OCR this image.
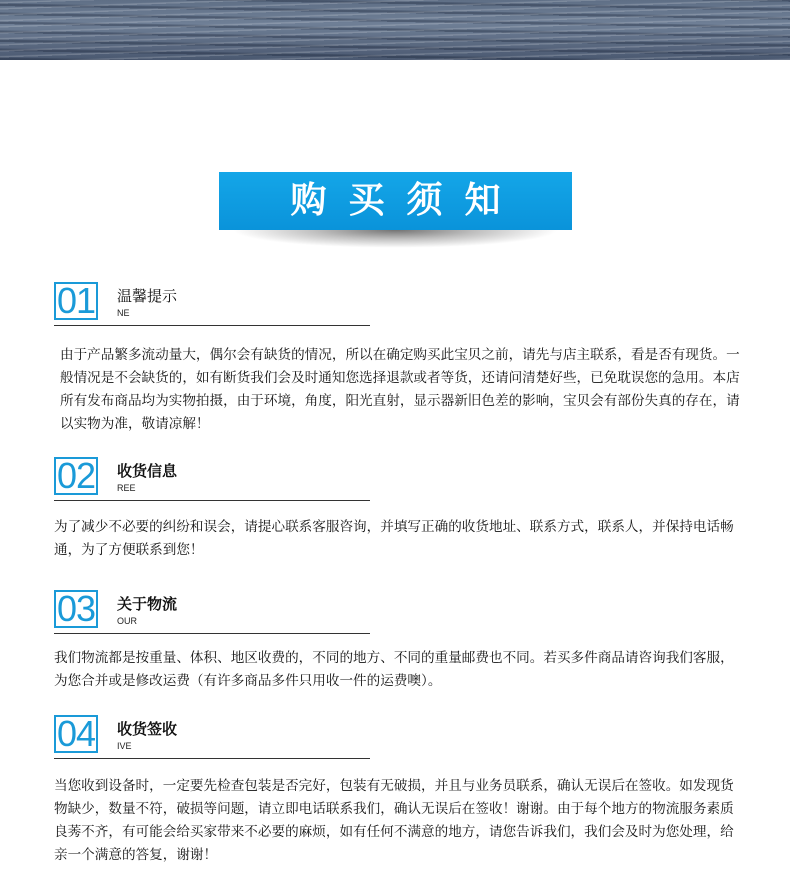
购买须知
01 温馨提示
NE

由于产品繁多流动量大，偶尔会有缺货的情况，所以在确定购买此宝贝之前，请先与店主联系，看是否有现货。一般情况是不会缺货的，如有断货我们会及时通知您选择退款或者等货，还请问清楚好些，已免耽误您的急用。本店所有发布商品均为实物拍摄，由于环境，角度，阳光直射，显示器新旧色差的影响，宝贝会有部份失真的存在，请以实物为准，敬请凉解！

02 收货信息
REE

为了减少不必要的纠纷和误会，请提心联系客服咨询，并填写正确的收货地址、联系方式，联系人，并保持电话畅通，为了方便联系到您！

03 关于物流
OUR

我们物流都是按重量、体积、地区收费的，不同的地方、不同的重量邮费也不同。若买多件商品请咨询我们客服，为您合并或是修改运费（有许多商品多件只用收一件的运费噢）。

04 收货签收
IVE

当您收到设备时，一定要先检查包装是否完好，包装有无破损，并且与业务员联系，确认无误后在签收。如发现货物缺少，数量不符，破损等问题，请立即电话联系我们，确认无误后在签收！谢谢。由于每个地方的物流服务素质良莠不齐，有可能会给买家带来不必要的麻烦，如有任何不满意的地方，请您告诉我们，我们会及时为您处理，给亲一个满意的答复，谢谢！
